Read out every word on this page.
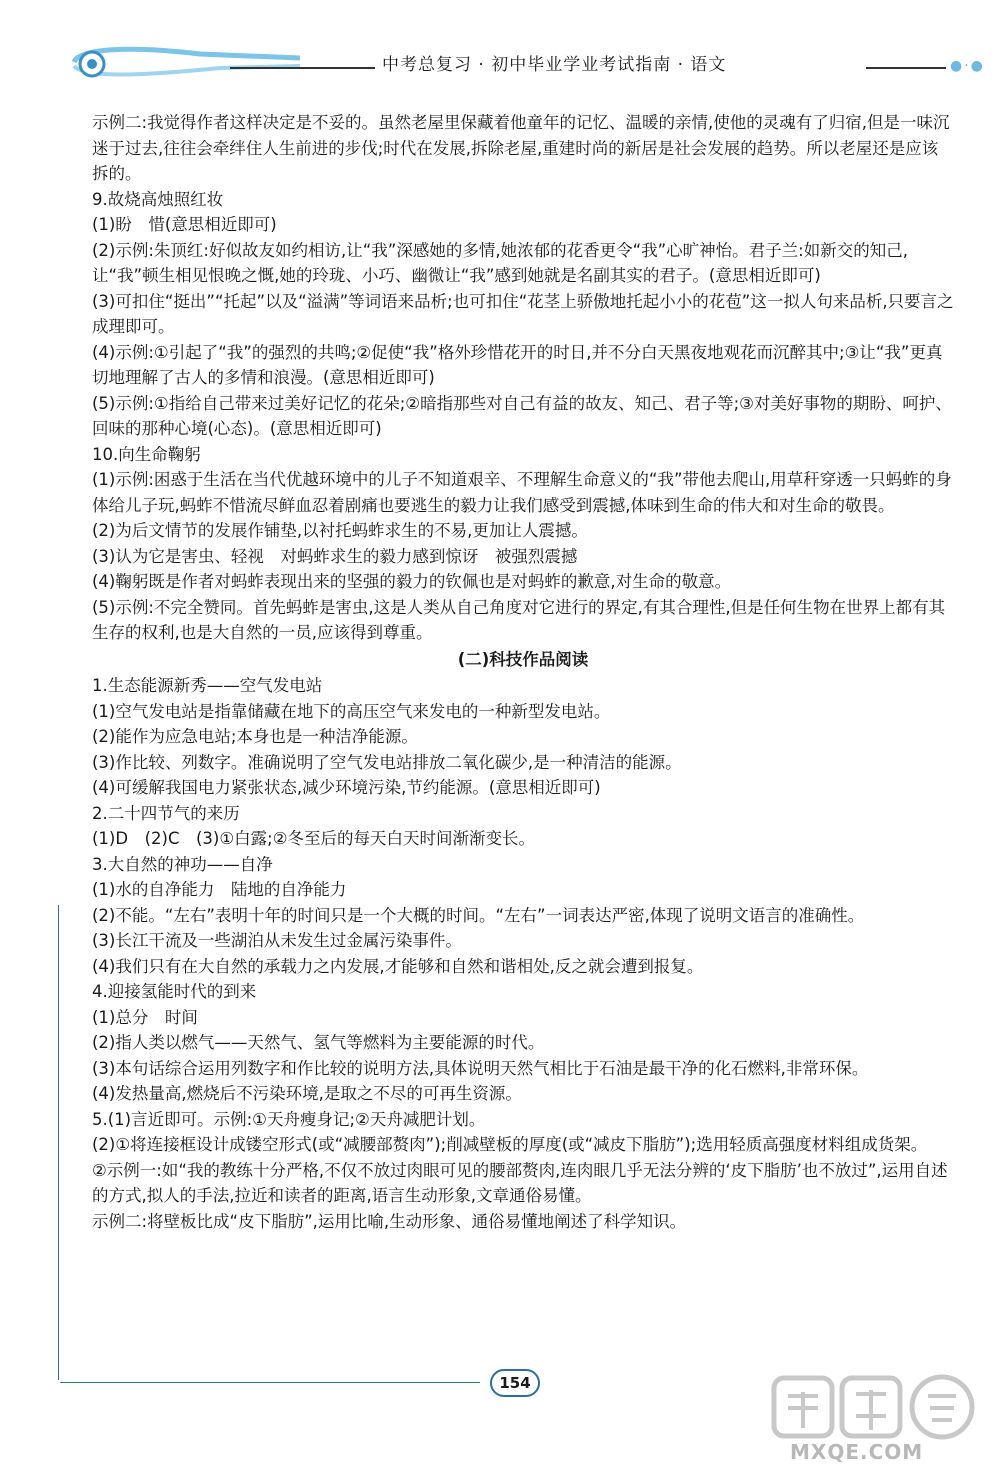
中考总复习 · 初中毕业学业考试指南 · 语文	●·●

示例二:我觉得作者这样决定是不妥的。虽然老屋里保藏着他童年的记忆、温暖的亲情,使他的灵魂有了归宿,但是一味沉迷于过去,往往会牵绊住人生前进的步伐;时代在发展,拆除老屋,重建时尚的新居是社会发展的趋势。所以老屋还是应该拆的。

9.故烧高烛照红妆

(1)盼　惜(意思相近即可)

(2)示例:朱顶红:好似故友如约相访,让“我”深感她的多情,她浓郁的花香更令“我”心旷神怡。君子兰:如新交的知己,让“我”顿生相见恨晚之慨,她的玲珑、小巧、幽微让“我”感到她就是名副其实的君子。(意思相近即可)

(3)可扣住“挺出”“托起”以及“溢满”等词语来品析;也可扣住“花茎上骄傲地托起小小的花苞”这一拟人句来品析,只要言之成理即可。

(4)示例:①引起了“我”的强烈的共鸣;②促使“我”格外珍惜花开的时日,并不分白天黑夜地观花而沉醉其中;③让“我”更真切地理解了古人的多情和浪漫。(意思相近即可)

(5)示例:①指给自己带来过美好记忆的花朵;②暗指那些对自己有益的故友、知己、君子等;③对美好事物的期盼、呵护、回味的那种心境(心态)。(意思相近即可)

10.向生命鞠躬

(1)示例:困惑于生活在当代优越环境中的儿子不知道艰辛、不理解生命意义的“我”带他去爬山,用草秆穿透一只蚂蚱的身体给儿子玩,蚂蚱不惜流尽鲜血忍着剧痛也要逃生的毅力让我们感受到震撼,体味到生命的伟大和对生命的敬畏。

(2)为后文情节的发展作铺垫,以衬托蚂蚱求生的不易,更加让人震撼。

(3)认为它是害虫、轻视　对蚂蚱求生的毅力感到惊讶　被强烈震撼

(4)鞠躬既是作者对蚂蚱表现出来的坚强的毅力的钦佩也是对蚂蚱的歉意,对生命的敬意。

(5)示例:不完全赞同。首先蚂蚱是害虫,这是人类从自己角度对它进行的界定,有其合理性,但是任何生物在世界上都有其生存的权利,也是大自然的一员,应该得到尊重。

(二)科技作品阅读

1.生态能源新秀——空气发电站

(1)空气发电站是指靠储藏在地下的高压空气来发电的一种新型发电站。

(2)能作为应急电站;本身也是一种洁净能源。

(3)作比较、列数字。准确说明了空气发电站排放二氧化碳少,是一种清洁的能源。

(4)可缓解我国电力紧张状态,减少环境污染,节约能源。(意思相近即可)

2.二十四节气的来历

(1)D　(2)C　(3)①白露;②冬至后的每天白天时间渐渐变长。

3.大自然的神功——自净

(1)水的自净能力　陆地的自净能力

(2)不能。“左右”表明十年的时间只是一个大概的时间。“左右”一词表达严密,体现了说明文语言的准确性。

(3)长江干流及一些湖泊从未发生过金属污染事件。

(4)我们只有在大自然的承载力之内发展,才能够和自然和谐相处,反之就会遭到报复。

4.迎接氢能时代的到来

(1)总分　时间

(2)指人类以燃气——天然气、氢气等燃料为主要能源的时代。

(3)本句话综合运用列数字和作比较的说明方法,具体说明天然气相比于石油是最干净的化石燃料,非常环保。

(4)发热量高,燃烧后不污染环境,是取之不尽的可再生资源。

5.(1)言近即可。示例:①天舟瘦身记;②天舟减肥计划。

(2)①将连接框设计成镂空形式(或“减腰部赘肉”);削减壁板的厚度(或“减皮下脂肪”);选用轻质高强度材料组成货架。

②示例一:如“我的教练十分严格,不仅不放过肉眼可见的腰部赘肉,连肉眼几乎无法分辨的‘皮下脂肪’也不放过”,运用自述的方式,拟人的手法,拉近和读者的距离,语言生动形象,文章通俗易懂。

示例二:将壁板比成“皮下脂肪”,运用比喻,生动形象、通俗易懂地阐述了科学知识。

154
MXQE.COM
